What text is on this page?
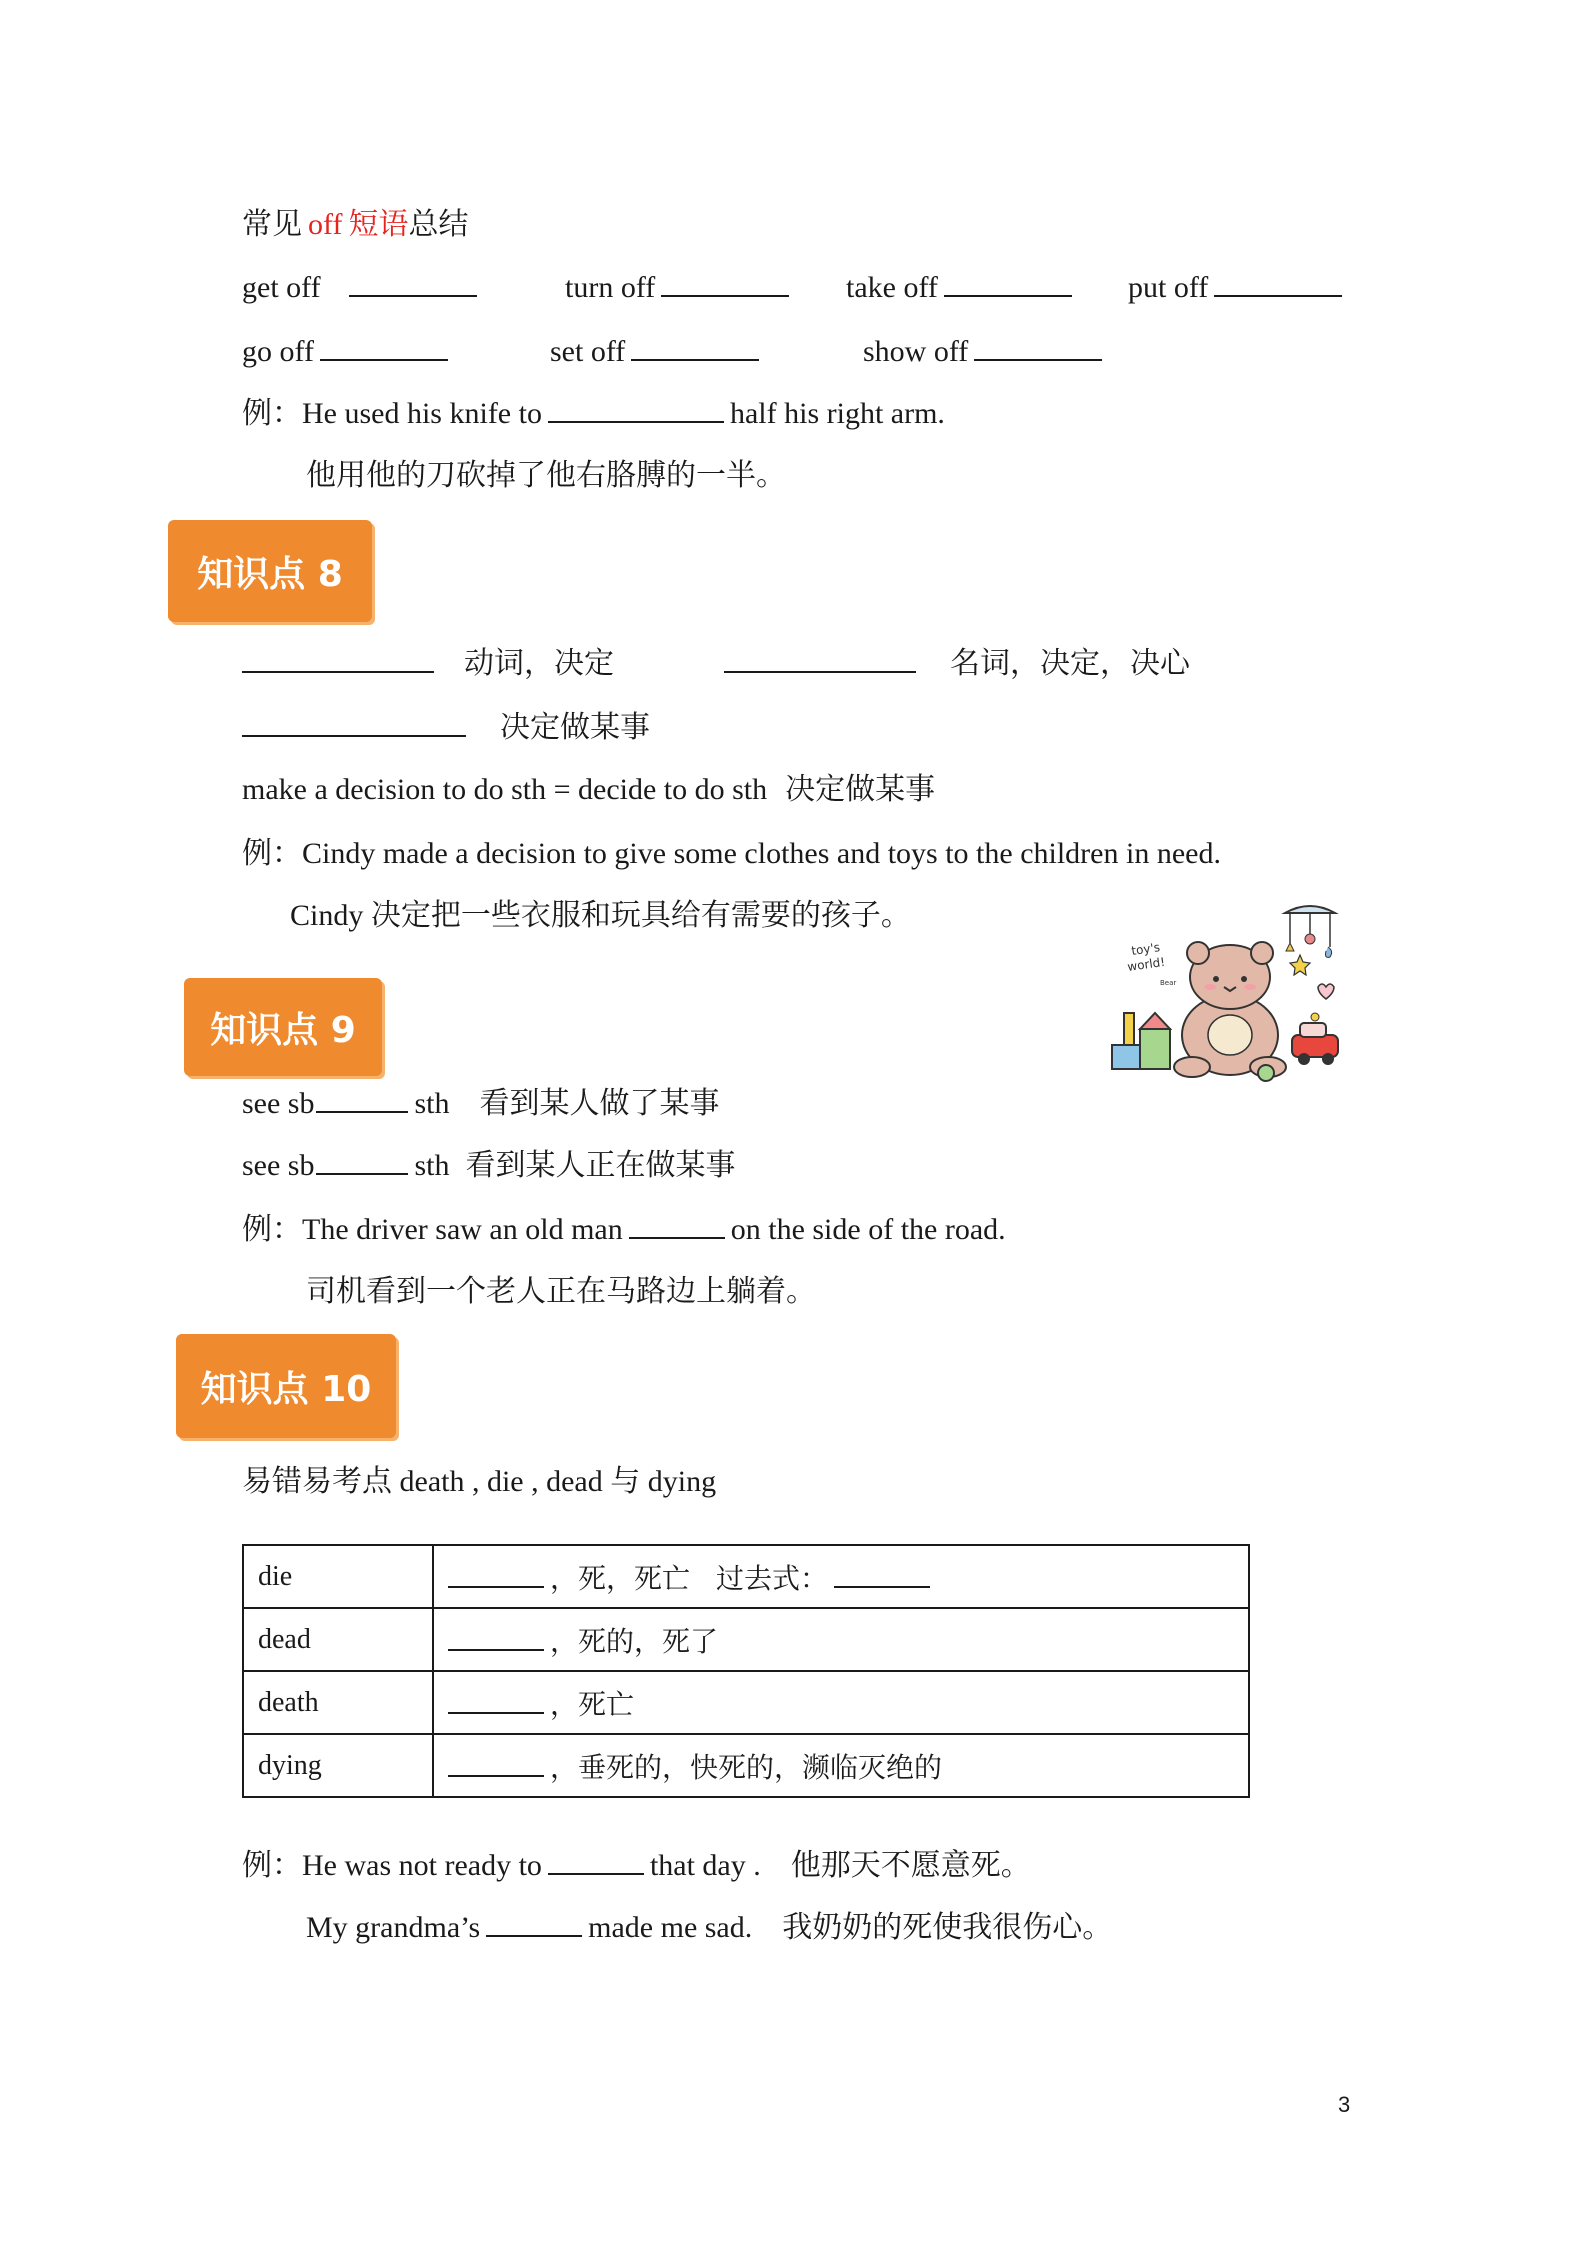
常见 off 短语总结
get off	turn off	take off	put off
go off	set off	show off
例：He used his knife to	half his right arm.
他用他的刀砍掉了他右胳膊的一半。
知识点 8
动词，决定	名词，决定，决心
决定做某事
make a decision to do sth = decide to do sth 决定做某事
例：Cindy made a decision to give some clothes and toys to the children in need.
Cindy 决定把一些衣服和玩具给有需要的孩子。
toy's
world!
Bear
知识点 9
see sb	sth 看到某人做了某事
see sb	sth 看到某人正在做某事
例：The driver saw an old man	on the side of the road.
司机看到一个老人正在马路边上躺着。
知识点 10
易错易考点 death , die , dead 与 dying
die	，死，死亡 过去式：
dead	，死的，死了
death	，死亡
dying	，垂死的，快死的，濒临灭绝的
例：He was not ready to	that day . 他那天不愿意死。
My grandma’s	made me sad. 我奶奶的死使我很伤心。
3
